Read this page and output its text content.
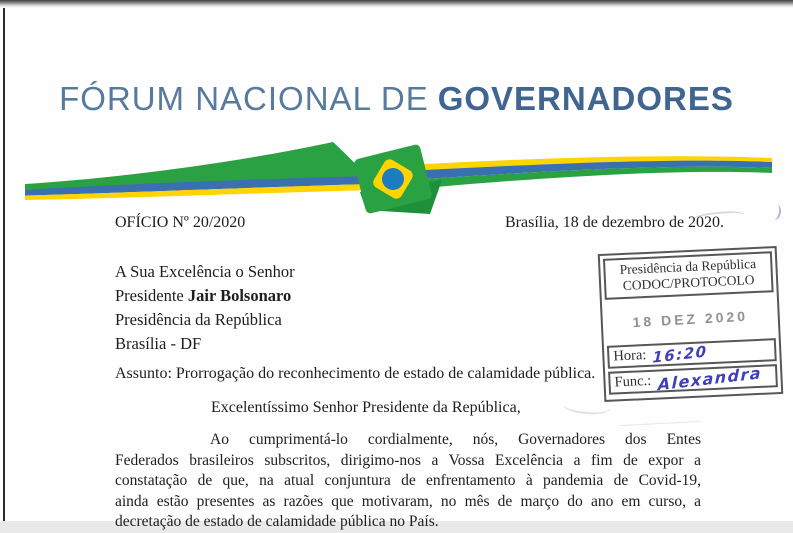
FÓRUM NACIONAL DE GOVERNADORES
OFÍCIO Nº 20/2020	Brasília, 18 de dezembro de 2020.
Presidência da República
CODOC/PROTOCOLO
18 DEZ 2020
Hora: 16:20
Func.: Alexandra
A Sua Excelência o Senhor
Presidente Jair Bolsonaro
Presidência da República
Brasília - DF
Assunto: Prorrogação do reconhecimento de estado de calamidade pública.
Excelentíssimo Senhor Presidente da República,
Ao cumprimentá-lo cordialmente, nós, Governadores dos Entes
Federados brasileiros subscritos, dirigimo-nos a Vossa Excelência a fim de expor a
constatação de que, na atual conjuntura de enfrentamento à pandemia de Covid-19,
ainda estão presentes as razões que motivaram, no mês de março do ano em curso, a
decretação de estado de calamidade pública no País.
